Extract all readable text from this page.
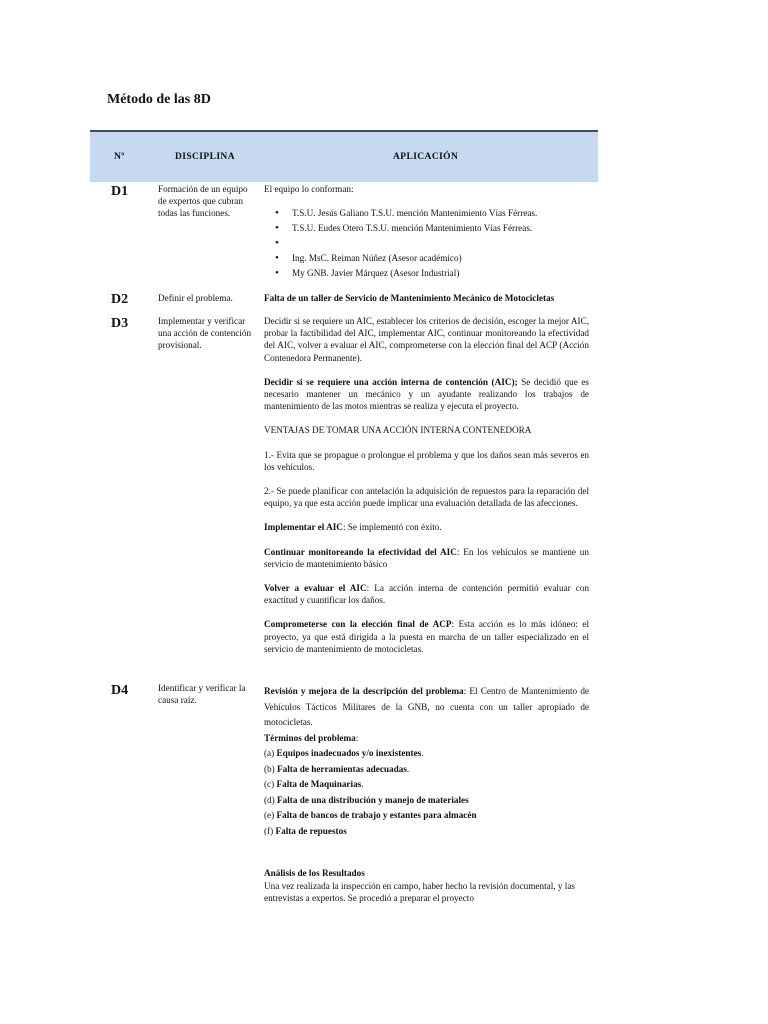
Método de las 8D
Nº	DISCIPLINA	APLICACIÓN
D1	Formación de un equipo de expertos que cubran todas las funciones.
El equipo lo conforman:
• T.S.U. Jesús Galiano T.S.U. mención Mantenimiento Vías Férreas.
• T.S.U. Eudes Otero T.S.U. mención Mantenimiento Vías Férreas.
•
• Ing. MsC. Reiman Núñez (Asesor académico)
• My GNB. Javier Márquez (Asesor Industrial)
D2	Definir el problema.	Falta de un taller de Servicio de Mantenimiento Mecánico de Motocicletas
D3	Implementar y verificar una acción de contención provisional.

Decidir si se requiere un AIC, establecer los criterios de decisión, escoger la mejor AIC, probar la factibilidad del AIC, implementar AIC, continuar monitoreando la efectividad del AIC, volver a evaluar el AIC, comprometerse con la elección final del ACP (Acción Contenedora Permanente).

Decidir si se requiere una acción interna de contención (AIC); Se decidió que es necesario mantener un mecánico y un ayudante realizando los trabajos de mantenimiento de las motos mientras se realiza y ejecuta el proyecto.

VENTAJAS DE TOMAR UNA ACCIÓN INTERNA CONTENEDORA

1.- Evita que se propague o prolongue el problema y que los daños sean más severos en los vehículos.

2.- Se puede planificar con antelación la adquisición de repuestos para la reparación del equipo, ya que esta acción puede implicar una evaluación detallada de las afecciones.

Implementar el AIC: Se implementó con éxito.

Continuar monitoreando la efectividad del AIC: En los vehículos se mantiene un servicio de mantenimiento básico

Volver a evaluar el AIC: La acción interna de contención permitió evaluar con exactitud y cuantificar los daños.

Comprometerse con la elección final de ACP: Esta acción es lo más idóneo: el proyecto, ya que está dirigida a la puesta en marcha de un taller especializado en el servicio de mantenimiento de motocicletas.

D4	Identificar y verificar la causa raíz.

Revisión y mejora de la descripción del problema: El Centro de Mantenimiento de Vehículos Tácticos Militares de la GNB, no cuenta con un taller apropiado de motocicletas.

Términos del problema:

(a) Equipos inadecuados y/o inexistentes.

(b) Falta de herramientas adecuadas.

(c) Falta de Maquinarias.

(d) Falta de una distribución y manejo de materiales

(e) Falta de bancos de trabajo y estantes para almacén

(f) Falta de repuestos

Análisis de los Resultados

Una vez realizada la inspección en campo, haber hecho la revisión documental, y las entrevistas a expertos. Se procedió a preparar el proyecto
